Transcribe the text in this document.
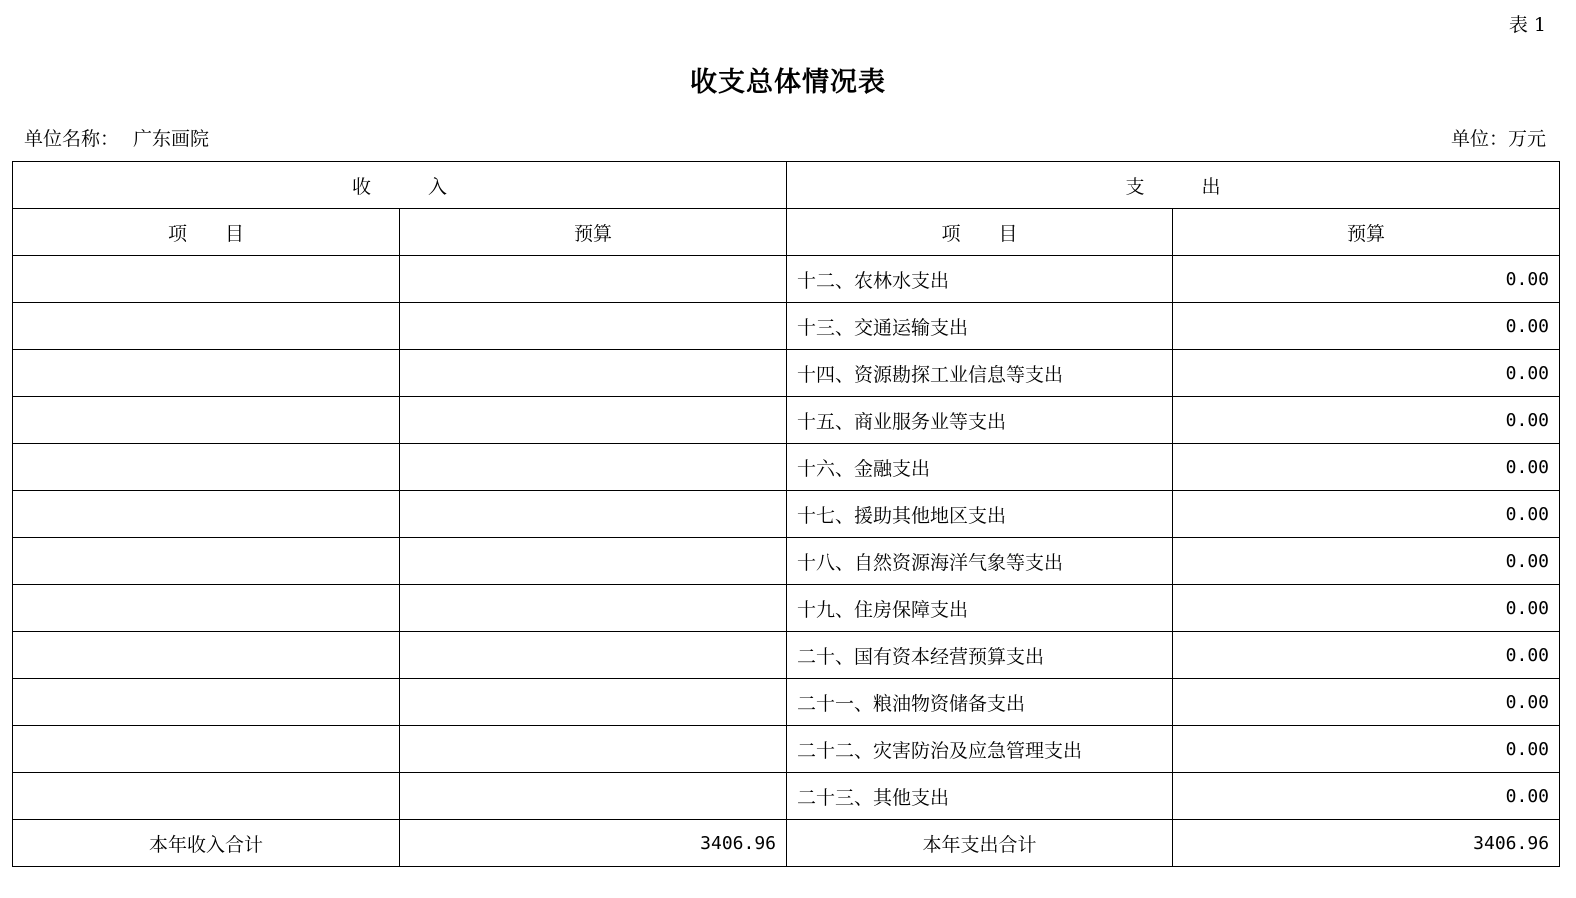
表 1
收支总体情况表
单位名称： 广东画院	单位：万元
收　　　入		支　　　出	
项　　目	预算	项　　目	预算
		十二、农林水支出	0.00
		十三、交通运输支出	0.00
		十四、资源勘探工业信息等支出	0.00
		十五、商业服务业等支出	0.00
		十六、金融支出	0.00
		十七、援助其他地区支出	0.00
		十八、自然资源海洋气象等支出	0.00
		十九、住房保障支出	0.00
		二十、国有资本经营预算支出	0.00
		二十一、粮油物资储备支出	0.00
		二十二、灾害防治及应急管理支出	0.00
		二十三、其他支出	0.00
本年收入合计	3406.96	本年支出合计	3406.96
